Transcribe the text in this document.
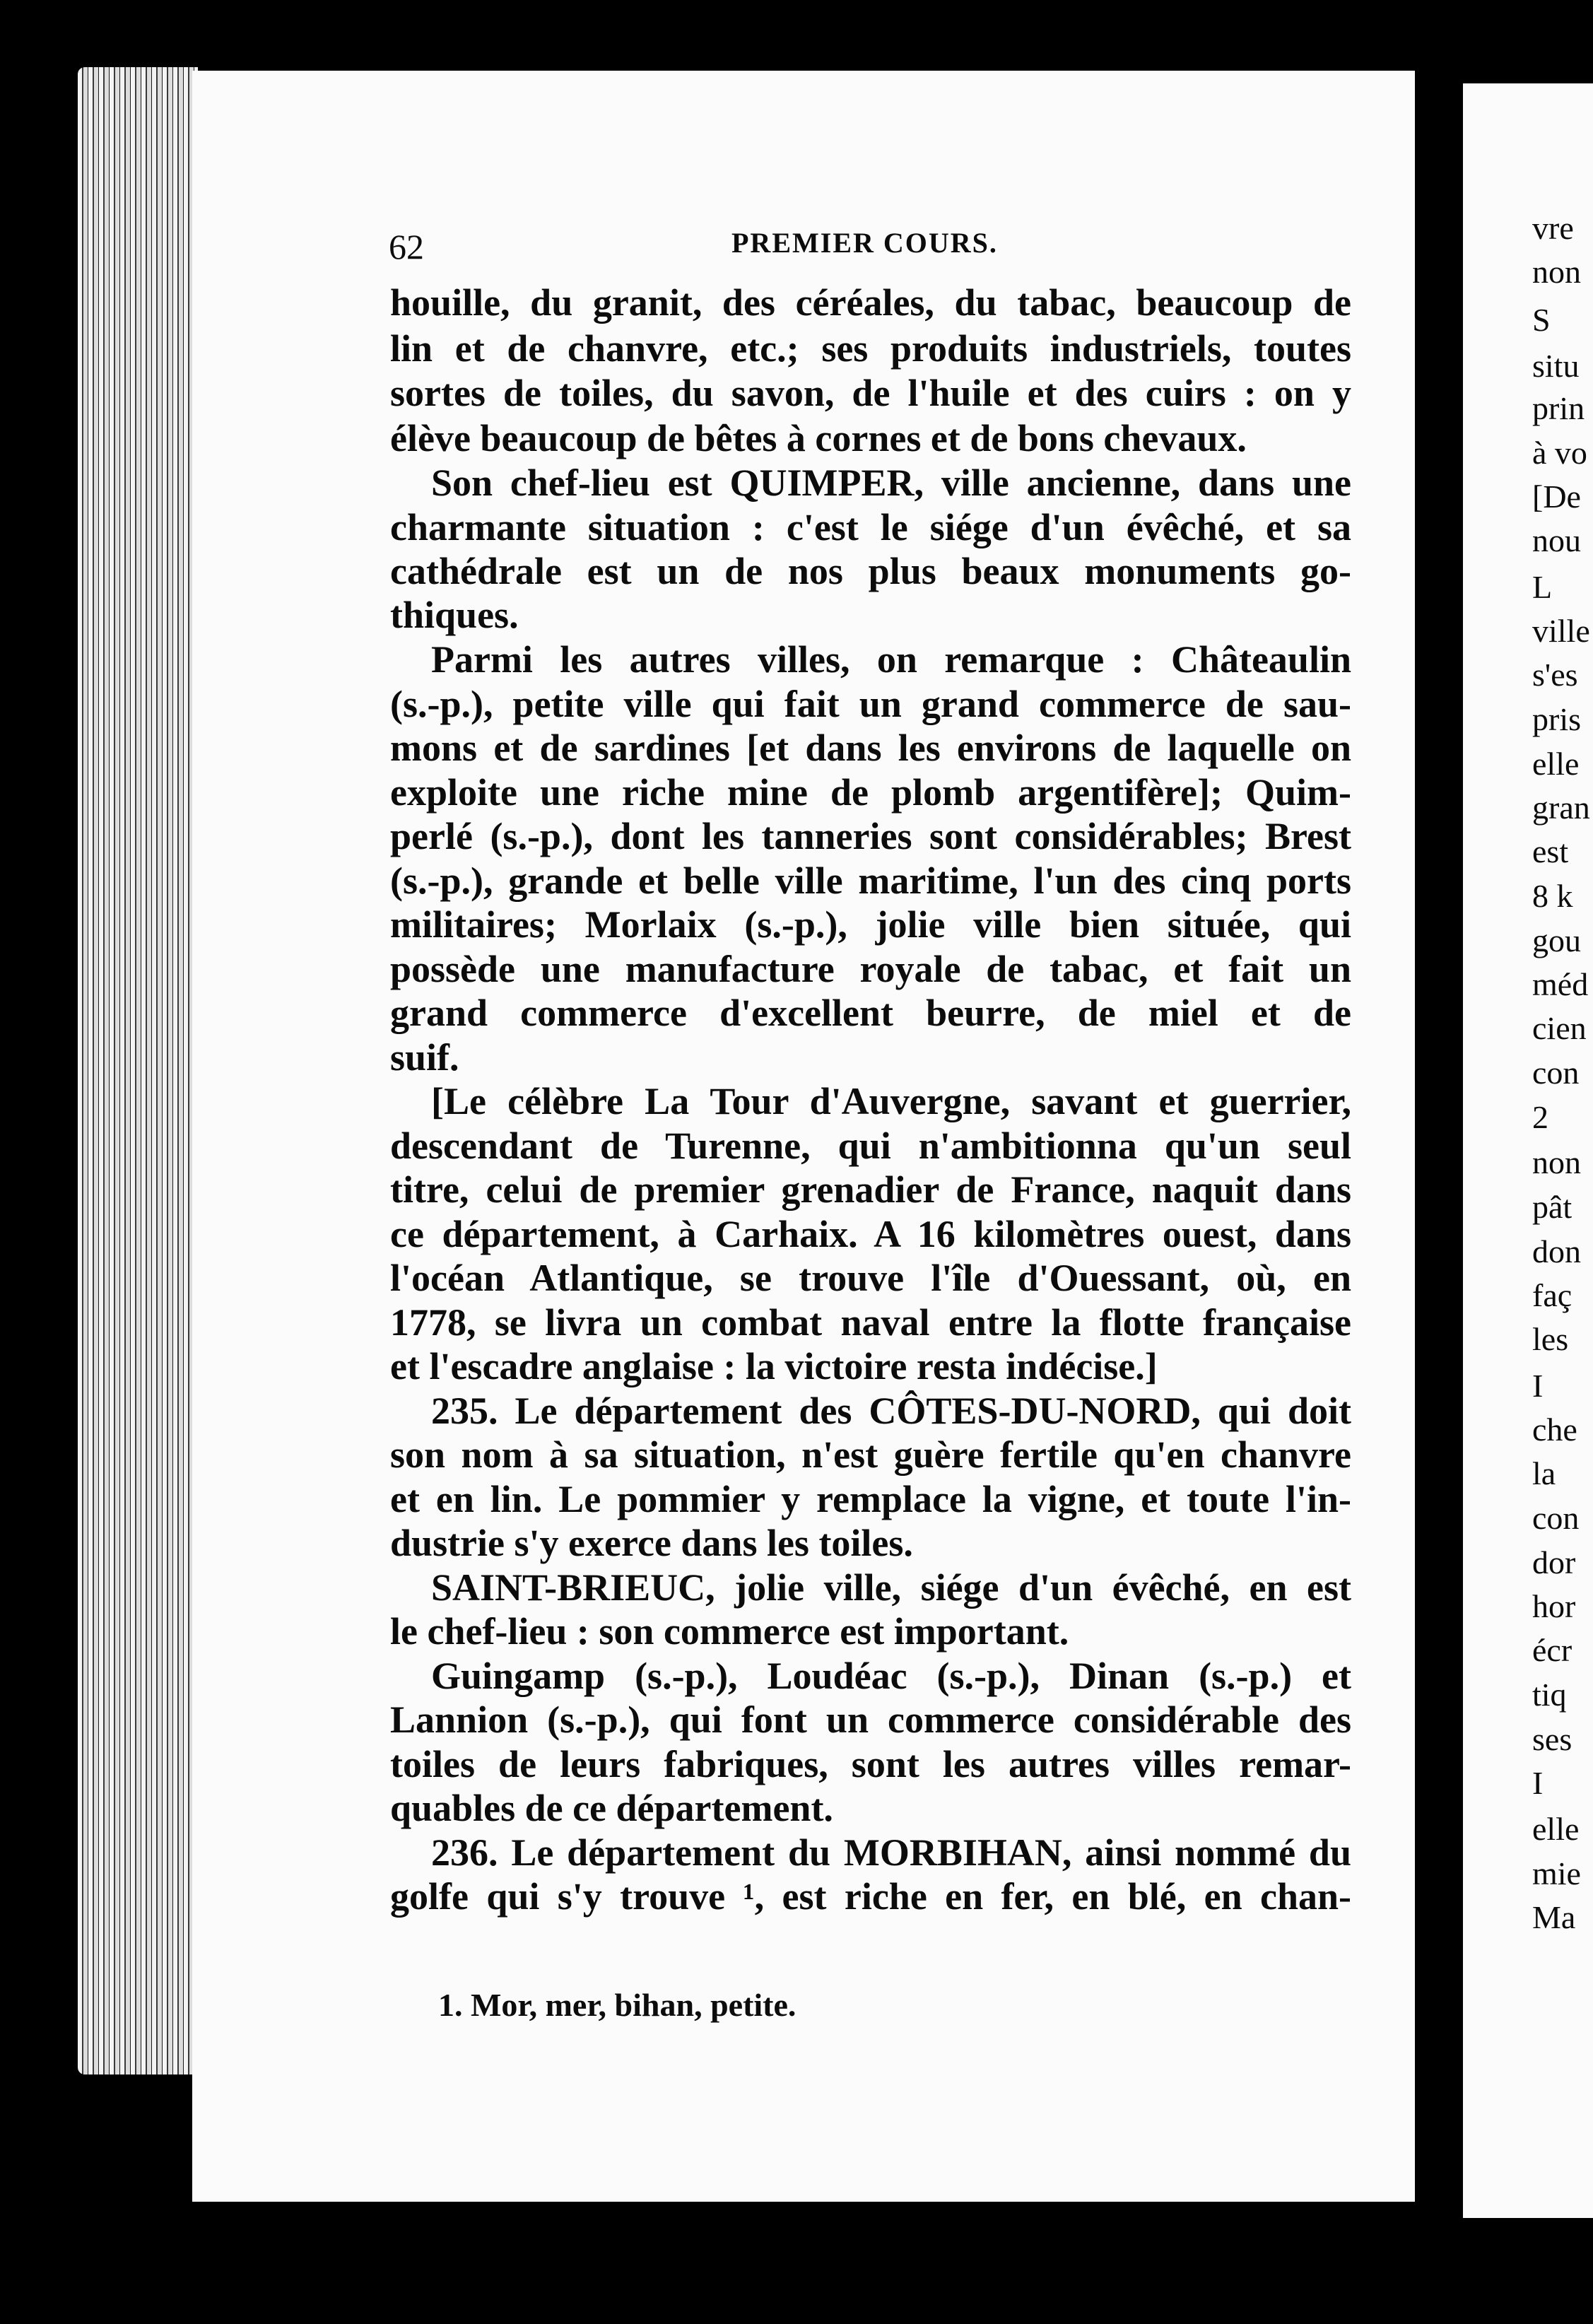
62	PREMIER COURS.
houille, du granit, des céréales, du tabac, beaucoup de
lin et de chanvre, etc.; ses produits industriels, toutes
sortes de toiles, du savon, de l'huile et des cuirs : on y
élève beaucoup de bêtes à cornes et de bons chevaux.
Son chef-lieu est QUIMPER, ville ancienne, dans une
charmante situation : c'est le siége d'un évêché, et sa
cathédrale est un de nos plus beaux monuments go-
thiques.
Parmi les autres villes, on remarque : Châteaulin
(s.-p.), petite ville qui fait un grand commerce de sau-
mons et de sardines [et dans les environs de laquelle on
exploite une riche mine de plomb argentifère]; Quim-
perlé (s.-p.), dont les tanneries sont considérables; Brest
(s.-p.), grande et belle ville maritime, l'un des cinq ports
militaires; Morlaix (s.-p.), jolie ville bien située, qui
possède une manufacture royale de tabac, et fait un
grand commerce d'excellent beurre, de miel et de
suif.
[Le célèbre La Tour d'Auvergne, savant et guerrier,
descendant de Turenne, qui n'ambitionna qu'un seul
titre, celui de premier grenadier de France, naquit dans
ce département, à Carhaix. A 16 kilomètres ouest, dans
l'océan Atlantique, se trouve l'île d'Ouessant, où, en
1778, se livra un combat naval entre la flotte française
et l'escadre anglaise : la victoire resta indécise.]
235. Le département des CÔTES-DU-NORD, qui doit
son nom à sa situation, n'est guère fertile qu'en chanvre
et en lin. Le pommier y remplace la vigne, et toute l'in-
dustrie s'y exerce dans les toiles.
SAINT-BRIEUC, jolie ville, siége d'un évêché, en est
le chef-lieu : son commerce est important.
Guingamp (s.-p.), Loudéac (s.-p.), Dinan (s.-p.) et
Lannion (s.-p.), qui font un commerce considérable des
toiles de leurs fabriques, sont les autres villes remar-
quables de ce département.
236. Le département du MORBIHAN, ainsi nommé du
golfe qui s'y trouve ¹, est riche en fer, en blé, en chan-
1. Mor, mer, bihan, petite.
vre
non
S
situ
prin
à vo
[De
nou
L
ville
s'es
pris
elle
gran
est
8 k
gou
méd
cien
con
2
non
pât
don
faç
les
I
che
la
con
dor
hor
écr
tiq
ses
I
elle
mie
Ma
